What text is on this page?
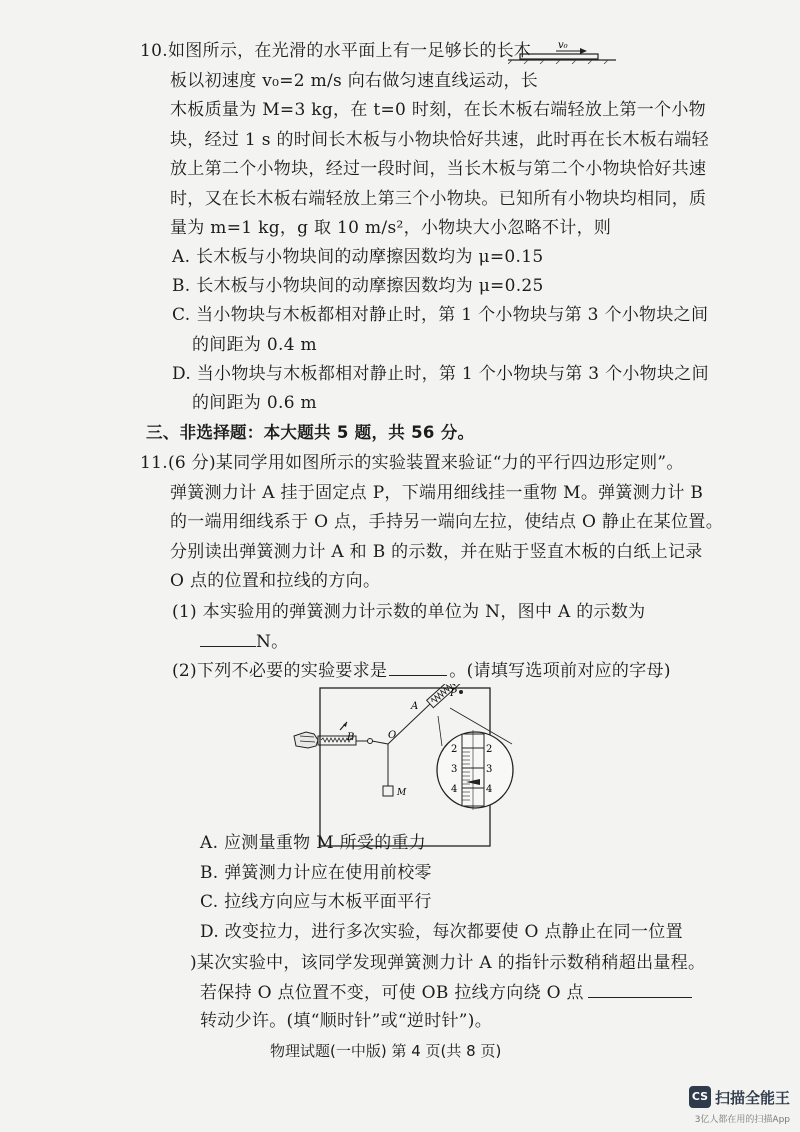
10.如图所示，在光滑的水平面上有一足够长的长木	v₀
板以初速度 v₀=2 m/s 向右做匀速直线运动，长
木板质量为 M=3 kg，在 t=0 时刻，在长木板右端轻放上第一个小物
块，经过 1 s 的时间长木板与小物块恰好共速，此时再在长木板右端轻
放上第二个小物块，经过一段时间，当长木板与第二个小物块恰好共速
时，又在长木板右端轻放上第三个小物块。已知所有小物块均相同，质
量为 m=1 kg，g 取 10 m/s²，小物块大小忽略不计，则
A. 长木板与小物块间的动摩擦因数均为 μ=0.15
B. 长木板与小物块间的动摩擦因数均为 μ=0.25
C. 当小物块与木板都相对静止时，第 1 个小物块与第 3 个小物块之间
的间距为 0.4 m
D. 当小物块与木板都相对静止时，第 1 个小物块与第 3 个小物块之间
的间距为 0.6 m
三、非选择题：本大题共 5 题，共 56 分。
11.(6 分)某同学用如图所示的实验装置来验证“力的平行四边形定则”。
弹簧测力计 A 挂于固定点 P，下端用细线挂一重物 M。弹簧测力计 B
的一端用细线系于 O 点，手持另一端向左拉，使结点 O 静止在某位置。
分别读出弹簧测力计 A 和 B 的示数，并在贴于竖直木板的白纸上记录
O 点的位置和拉线的方向。
(1) 本实验用的弹簧测力计示数的单位为 N，图中 A 的示数为
N。
(2)下列不必要的实验要求是	。(请填写选项前对应的字母)
B	O
M
A
P
2
3
4
2
3
4
A. 应测量重物 M 所受的重力
B. 弹簧测力计应在使用前校零
C. 拉线方向应与木板平面平行
D. 改变拉力，进行多次实验，每次都要使 O 点静止在同一位置
)某次实验中，该同学发现弹簧测力计 A 的指针示数稍稍超出量程。
若保持 O 点位置不变，可使 OB 拉线方向绕 O 点
转动少许。(填“顺时针”或“逆时针”)。
物理试题(一中版) 第 4 页(共 8 页)
CS 扫描全能王
3亿人都在用的扫描App
